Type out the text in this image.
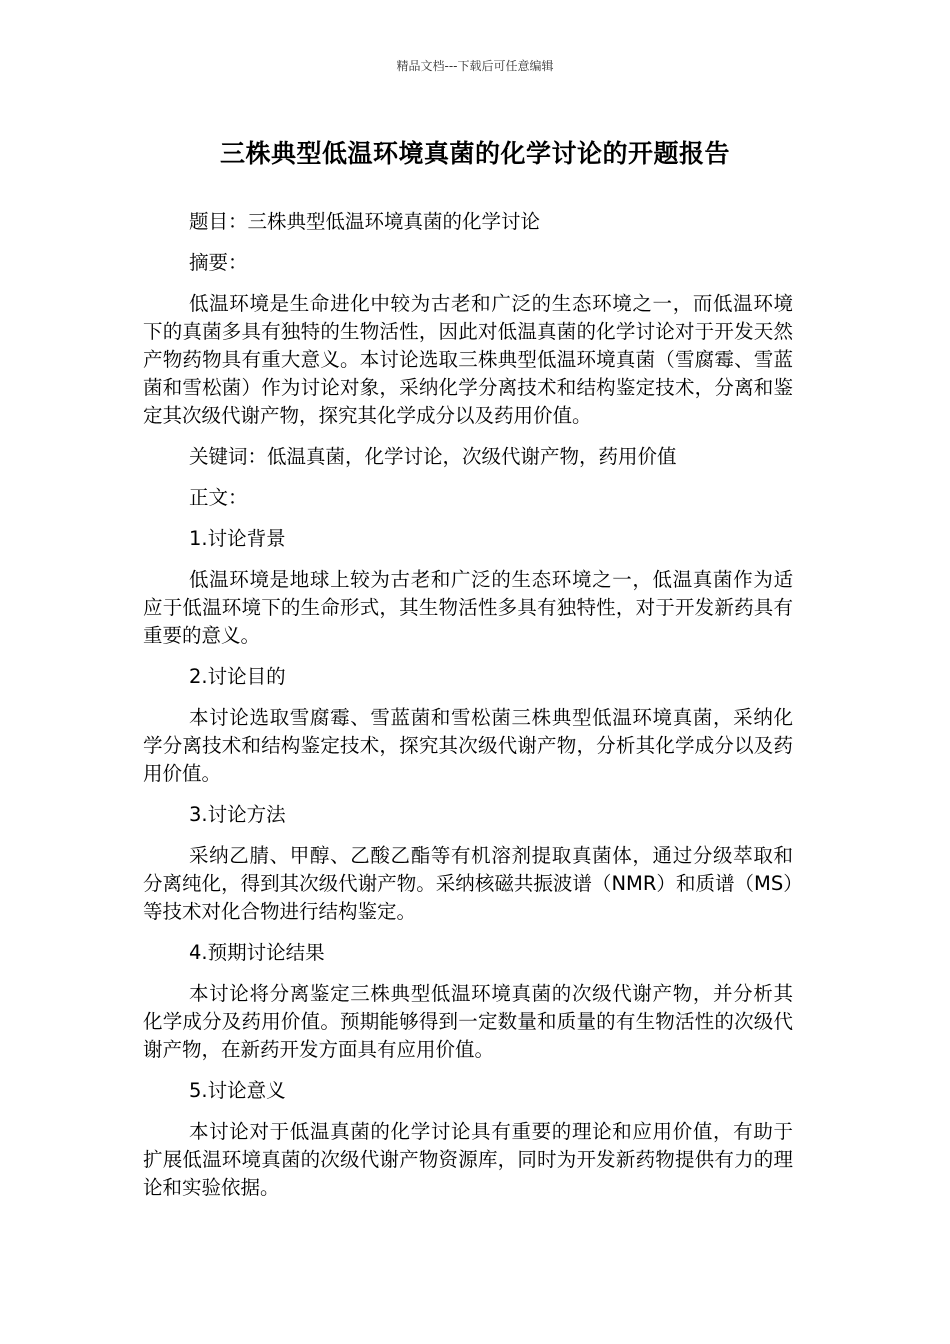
精品文档---下载后可任意编辑
三株典型低温环境真菌的化学讨论的开题报告

题目：三株典型低温环境真菌的化学讨论

摘要：

低温环境是生命进化中较为古老和广泛的生态环境之一，而低温环境下的真菌多具有独特的生物活性，因此对低温真菌的化学讨论对于开发天然产物药物具有重大意义。本讨论选取三株典型低温环境真菌（雪腐霉、雪蓝菌和雪松菌）作为讨论对象，采纳化学分离技术和结构鉴定技术，分离和鉴定其次级代谢产物，探究其化学成分以及药用价值。

关键词：低温真菌，化学讨论，次级代谢产物，药用价值

正文：

1.讨论背景

低温环境是地球上较为古老和广泛的生态环境之一，低温真菌作为适应于低温环境下的生命形式，其生物活性多具有独特性，对于开发新药具有重要的意义。

2.讨论目的

本讨论选取雪腐霉、雪蓝菌和雪松菌三株典型低温环境真菌，采纳化学分离技术和结构鉴定技术，探究其次级代谢产物，分析其化学成分以及药用价值。

3.讨论方法

采纳乙腈、甲醇、乙酸乙酯等有机溶剂提取真菌体，通过分级萃取和分离纯化，得到其次级代谢产物。采纳核磁共振波谱（NMR）和质谱（MS）等技术对化合物进行结构鉴定。

4.预期讨论结果

本讨论将分离鉴定三株典型低温环境真菌的次级代谢产物，并分析其化学成分及药用价值。预期能够得到一定数量和质量的有生物活性的次级代谢产物，在新药开发方面具有应用价值。

5.讨论意义

本讨论对于低温真菌的化学讨论具有重要的理论和应用价值，有助于扩展低温环境真菌的次级代谢产物资源库，同时为开发新药物提供有力的理论和实验依据。
